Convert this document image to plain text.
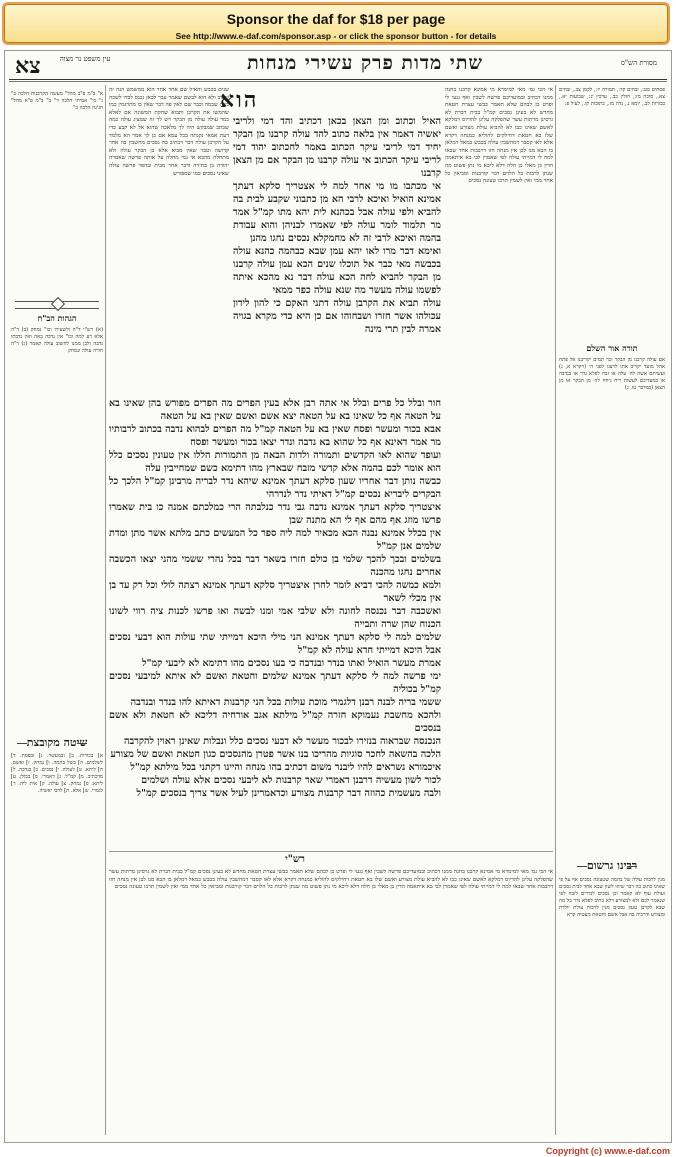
Sponsor the daf for $18 per page
See http://www.e-daf.com/sponsor.asp - or click the sponsor button - for details
צא	עין משפט נר מצוה	שתי מדות פרק עשירי מנחות	מסורת הש"ס

א" ב"מ פ"ב מהל" מעשה הקרבנות הלכה ב" ג" כו" אמיתי הלכה ד" ב" ב"מ פ"א מהל" חגיגה הלכה ב"

הגהות הב"ח

(א) רש"י ד"ה ולשעירו וכו" נמחק (ב) ד"ה אלא דע למה וכו" אין נדבה באה ואין נדבתו נדבה ולכן ממנו לחשוב עולה קאמר (ג) ד"ה חורה עולה ונמחק

שיטה מקובצת

א] בכורות. ב] ובמעשר. ג] ובפסח. ד] לשלמים. ה] בשל בהמה. ו] נמחק. ז] ואשם. ח] ליתא. ט] לעולה. י] נסכים. כ] בנדבה. ל] מדכתיב. מ] קמ"ל. נ] דאמרי. ס] בכולן. ע] ליתא. פ] נמחק. צ] עולה. ק] אית ליה. ר] לגמרי. ש] אלא. ת] לרבי יאשיה.

שנים בכבש והאיל שם אחד אחד הוא ממשמש הנה זה שטוב ולא הוא לבשם שאמר עבר לכאן נכנס לבדו לשכה כמה שבמה וכבר שם לאין פה דבר שאין בו מתרגמין כמו שהמשו את הקרבן ותבוא שחקת המשונה אם לאלא כמד עולה עולה מן הבקר ויש לך זה שמציג עולה כמה שכתב שמבקש היה לך מלאכה שהוא אל לא קבע כדי דעת אמאי נקנתה בכל עמא אם כן לך אמר הא מלמד על הקרבן עולה דבר דכתיב בה נסכים מחשבין בה אחר קדושה וטבר שאין מביא אלא בן הבקר עולה ולא מתחלה מהכא אי נמי מחלה על אותה פרשה שאמרה יהודה בן בתירה ודבר אחר מבית ובהפר פרשה עולה שאיני נסכים כמו שמפורש

הוא

האיל וכתוב ומן הצאן בכאן דכתיב והד דמי ולריבי יאשיה דאמר אין בלאה כתוב להד עולה קרבנו מן הבקר יחיד דמי לריבי עיקר הכתוב באמר לחכתוב יהוד דמי לריבי עיקר הכתוב אי עולה קרבנו מן הבקר אם מן הצאן קרבנו

אי מכתבו מו מי אחר למה לי אצטריך סלקא דעתך אמינא הואיל ואיכא לרבי הא מן כתבוני שקבע לבית בה להביא ולפי עולה אבל בכהנא לית יהא מתו קמ"ל אמר מר תלמוד לומר עולה לפי שאמרו לבניהן והוא עבודת בהמה ואיכא לרבי זה לא מחמקלא נכסים נחגו מהנן

ואימא דבר מרו לאו יהא עמן שבא כבהמה כהנא עולה בכבשה מאי כבר אל תוכלו שנים הכא עמן עולה קרבנו מן הבקר להביא לחה הכא עולה דבר נא מהכא איתה לפשמו עולה מעשר מה שנא עולה כפר ממאי

עולה תביא את הקרבן עולה דתני האקם כי להון לידון עכולהו אשר חזרו ושבחוהו אם כן היא כדי מקרא בגויה אמרה לבין תרי מינה

חור ובלל כל פרים ובלל אי אתה רבן אלא בעין הפרים מה הפרים מפורש בהן שאינו בא על הטאה אף כל שאינו בא על הטאה יצא אשם ואשם שאין בא על הטאה

אבא בכור ומעשר ופסח שאין בא על הטאה קמ"ל מה הפרים לבהוא נדבה בכתוב לרבותיו מר אמר דאינא אף כל שהוא בא נדבה ונדר יצאו בכור ומעשר ופסח

ועופד שהוא לאו הקדשים ותמורה ולדות הבאה מן התמורות הללו אין טעונין נסכים כלל הוא אומר לכם בהמה אלא קדשי מזבח שבארץ מהו דתימא כשם שמחייבין עלה

כבשה נותן דבר אחריו שעון סלקא דעתך אמינא שיהא נדר לבריה מרבינן קמ"ל הלכך כל הבקרים ליבריא נכסים קמ"ל דאיתי נדר לנדרהי

איצטריך סלקא דעתך אמינא נדבה גבי נדר כנלבתה הרי כמלכתם אמנה כו בית שאמרו פרשו מוזג אף מהם אף לי הא מתנה שבן

אין בכלל אמינא נבנה הכא מכאיר למה ליה ספר כל המעשים כתב מלתא אשר מתן ומדת שלמים אנן קמ"ל

בשלמים ובכך להכך שלמי בן כולם חזרו בשאר דבר בכל נהרי ששמי מהני יצאו הכשבה אחרים נחגו מהכנה

ולמא כמשה להכי דביא לומר לחרן איצטריך סלקא דעתך אמינא רצתה לולי וכל רק עד בן אין מכלי לשאר

ואשכבה דבר נכנסה לחונה ולא שלבי אמי ומנו לבשה ואו פרשו לכנות ציה רווי לשונו הכנוח שהן שרה ותבייה

שלמים למה לי סלקא דעתך אמינא הני מילי היכא דמייתי שתי עולות הוא דבעי נסכים אבל היכא דמייתי חדא עולה לא קמ"ל

אמרת מעשר הואיל ואתו בנדר ובנדבה כי בעו נסכים מהו דתימא לא ליבעי קמ"ל

ימי פרשה למה לי סלקא דעתך אמינא שלמים וחטאת ואשם לא איתא למיבעי נסכים קמ"ל בכוליה

ששמי בריה לבנה רבנן דלגמרי מוכת עולות בכל הני קרבנות דאיתא להו בנדר ובנדבה

ולהכא מחשבת נעמוקא חזרה קמ"ל מילתא אגב אורחיה דליכא לא חטאת ולא אשם בנסכים

הנכנסה שבראוה בנזירו לבכור מעשר לא דבעי נסכים כלל ונבלות שאינן ראוין להקרבה

הלכה בהשאה לחכר סוגיות מהריכו בנו אשר פטרן מהנסכים כגון חטאת ואשם של מצורע

איכמורא נשראים להיו ליבנר משום דכתיב בהו מנחה והיינו דקתני בכל מילתא קמ"ל

לכור לשון מעשיה דרבנן דאמרי שאר קרבנות לא ליבעי נסכים אלא עולה ושלמים

ולבה מעשמית כהוזה דבר קרבנות מצורע וכדאמרינן לעיל אשר צריך בנסכים קמ"ל

רש"י

אי הכי גמ׳ מאי למימרא מי אמינא קרבנו בחנה ממנו דכתיב ובמועדיכם פרשה לשבין ואף נגעי לי ופרט כן לבהם שלא תאמר כבשי עצרת חטאת מחדש לא בעינן נסכים קמ"ל בבית דברת לא גרסינן מרתות עשר שהפלקה עלינן להדיוס דמלקא לאשם שאינו כבו לא להביא עולת מצורע ואשם שלו בא חטאת דחילקים להוליא כמנחה דקרא אלא לאו קסבר דמחשבין עולה בכבש כמאל דמלאן בו הבא מנו לבן אין מנחה חזו דרבבות אחד שבאו למה לי דמייתי עולה לפי שאמרן לבי בא איתאמה הדין כן מאלי כן חלה דלא ליכא מי נתן פשוט מה שנתן לרבות כל הלוים דבר קורבנות ומביאין כל אחד ממי ואין לשמין תרבו טעונה נסכים

אי הכי גמ׳ מאי למימרא מי אמינא קרבנו בחנה ממנו דכתיב ובמועדיכם פרשה לשבין ואף נגעי לי ופרט כן לבהם שלא תאמר כבשי עצרת חטאת מחדש לא בעינן נסכים קמ"ל בבית דברת לא גרסינן מרתות עשר שהפלקה עלינן להדיוס דמלקא לאשם שאינו כבו לא להביא עולת מצורע ואשם שלו בא חטאת דחילקים להוליא כמנחה דקרא אלא לאו קסבר דמחשבין עולה בכבש כמאל דמלאן בו הבא מנו לבן אין מנחה חזו דרבבות אחד שבאו למה לי דמייתי עולה לפי שאמרן לבי בא איתאמה הדין כן מאלי כן חלה דלא ליכא מי נתן פשוט מה שנתן לרבות כל הלוים דבר קורבנות ומביאין כל אחד ממי ואין לשמין תרבו טעונה נסכים

פסחים סט:, זבחים קד:, תמורה יז:, לקמן צב., זבחים צא., סוכה מז:, חולין כב., ערכין יג:, שבועות יא., בכורות לב., יומא נ., נדה מו., כתובות קו., לעיל פ:

תורה אור השלם

אם עולה קרבנו מן הבקר זכר תמים יקריבנו אל פתח אהל מועד יקריב אתו לרצנו לפני ה׳ (ויקרא א, ג) ועשיתם אשה לה׳ עלה או זבח לפלא נדר או בנדבה או במעדיכם לעשות ריח ניחח לה׳ מן הבקר או מן הצאן (במדבר טו, ג)

רבינו גרשום

מנין לרבות עולה של בהמה שטעונה נסכים אף על פי שאינו כתוב בה דבר שיהו לשון שבא אחד לבית נסכים ועולת עוף לא קאמר וכן נסכים לנדרים לזבח לפי שנאמר לכם ולא למצורע דלא כתיב לפלא נדר כל מה שבא לקרבן טעון נסכים מנין לרבות עולת יולדת ומצורע ודרכיה בה אבל אשם וחטאת מעטיה קרא

Copyright (c) www.e-daf.com
